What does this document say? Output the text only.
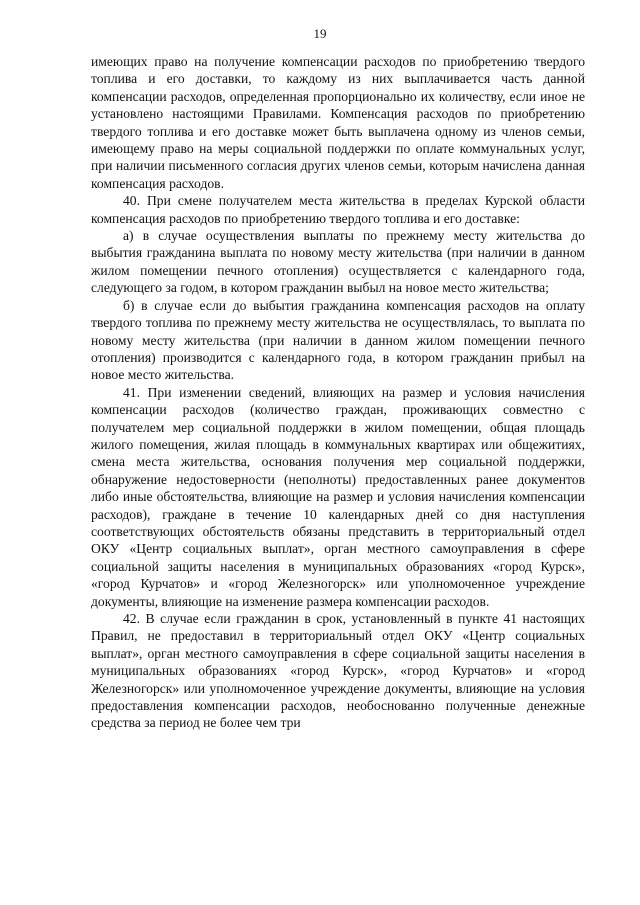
19

имеющих право на получение компенсации расходов по приобретению твердого топлива и его доставки, то каждому из них выплачивается часть данной компенсации расходов, определенная пропорционально их количеству, если иное не установлено настоящими Правилами. Компенсация расходов по приобретению твердого топлива и его доставке может быть выплачена одному из членов семьи, имеющему право на меры социальной поддержки по оплате коммунальных услуг, при наличии письменного согласия других членов семьи, которым начислена данная компенсация расходов.

40. При смене получателем места жительства в пределах Курской области компенсация расходов по приобретению твердого топлива и его доставке:

а) в случае осуществления выплаты по прежнему месту жительства до выбытия гражданина выплата по новому месту жительства (при наличии в данном жилом помещении печного отопления) осуществляется с календарного года, следующего за годом, в котором гражданин выбыл на новое место жительства;

б) в случае если до выбытия гражданина компенсация расходов на оплату твердого топлива по прежнему месту жительства не осуществлялась, то выплата по новому месту жительства (при наличии в данном жилом помещении печного отопления) производится с календарного года, в котором гражданин прибыл на новое место жительства.

41. При изменении сведений, влияющих на размер и условия начисления компенсации расходов (количество граждан, проживающих совместно с получателем мер социальной поддержки в жилом помещении, общая площадь жилого помещения, жилая площадь в коммунальных квартирах или общежитиях, смена места жительства, основания получения мер социальной поддержки, обнаружение недостоверности (неполноты) предоставленных ранее документов либо иные обстоятельства, влияющие на размер и условия начисления компенсации расходов), граждане в течение 10 календарных дней со дня наступления соответствующих обстоятельств обязаны представить в территориальный отдел ОКУ «Центр социальных выплат», орган местного самоуправления в сфере социальной защиты населения в муниципальных образованиях «город Курск», «город Курчатов» и «город Железногорск» или уполномоченное учреждение документы, влияющие на изменение размера компенсации расходов.

42. В случае если гражданин в срок, установленный в пункте 41 настоящих Правил, не предоставил в территориальный отдел ОКУ «Центр социальных выплат», орган местного самоуправления в сфере социальной защиты населения в муниципальных образованиях «город Курск», «город Курчатов» и «город Железногорск» или уполномоченное учреждение документы, влияющие на условия предоставления компенсации расходов, необоснованно полученные денежные средства за период не более чем три
